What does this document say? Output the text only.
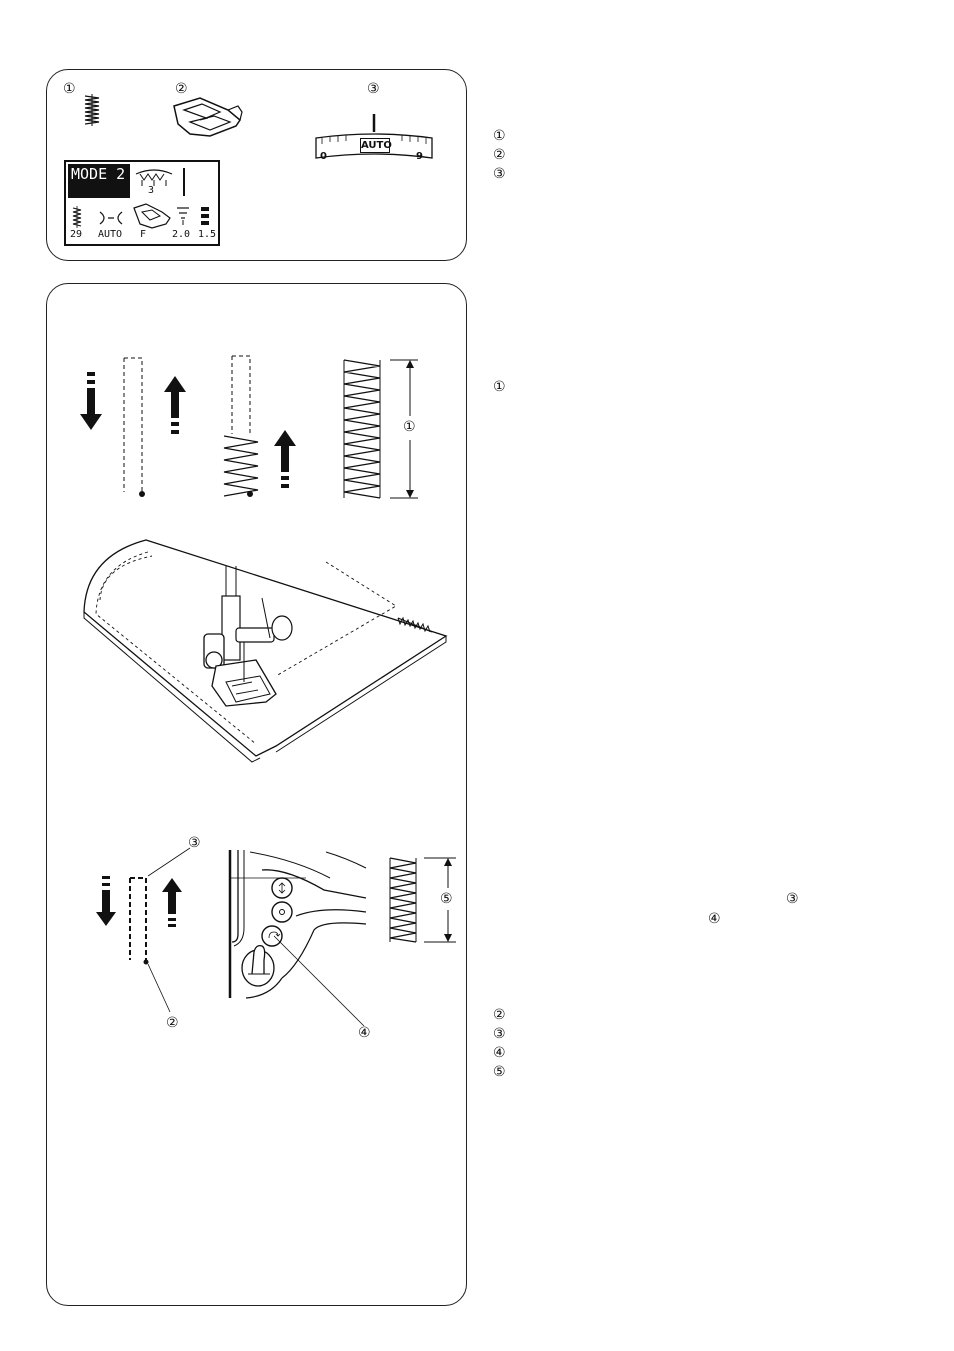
①	②	③
0
AUTO
9
MODE 2
3
29 AUTO F	2.0 1.5
①
③
②
④
⑤
①
②
③
①
③
④
②
③
④
⑤
